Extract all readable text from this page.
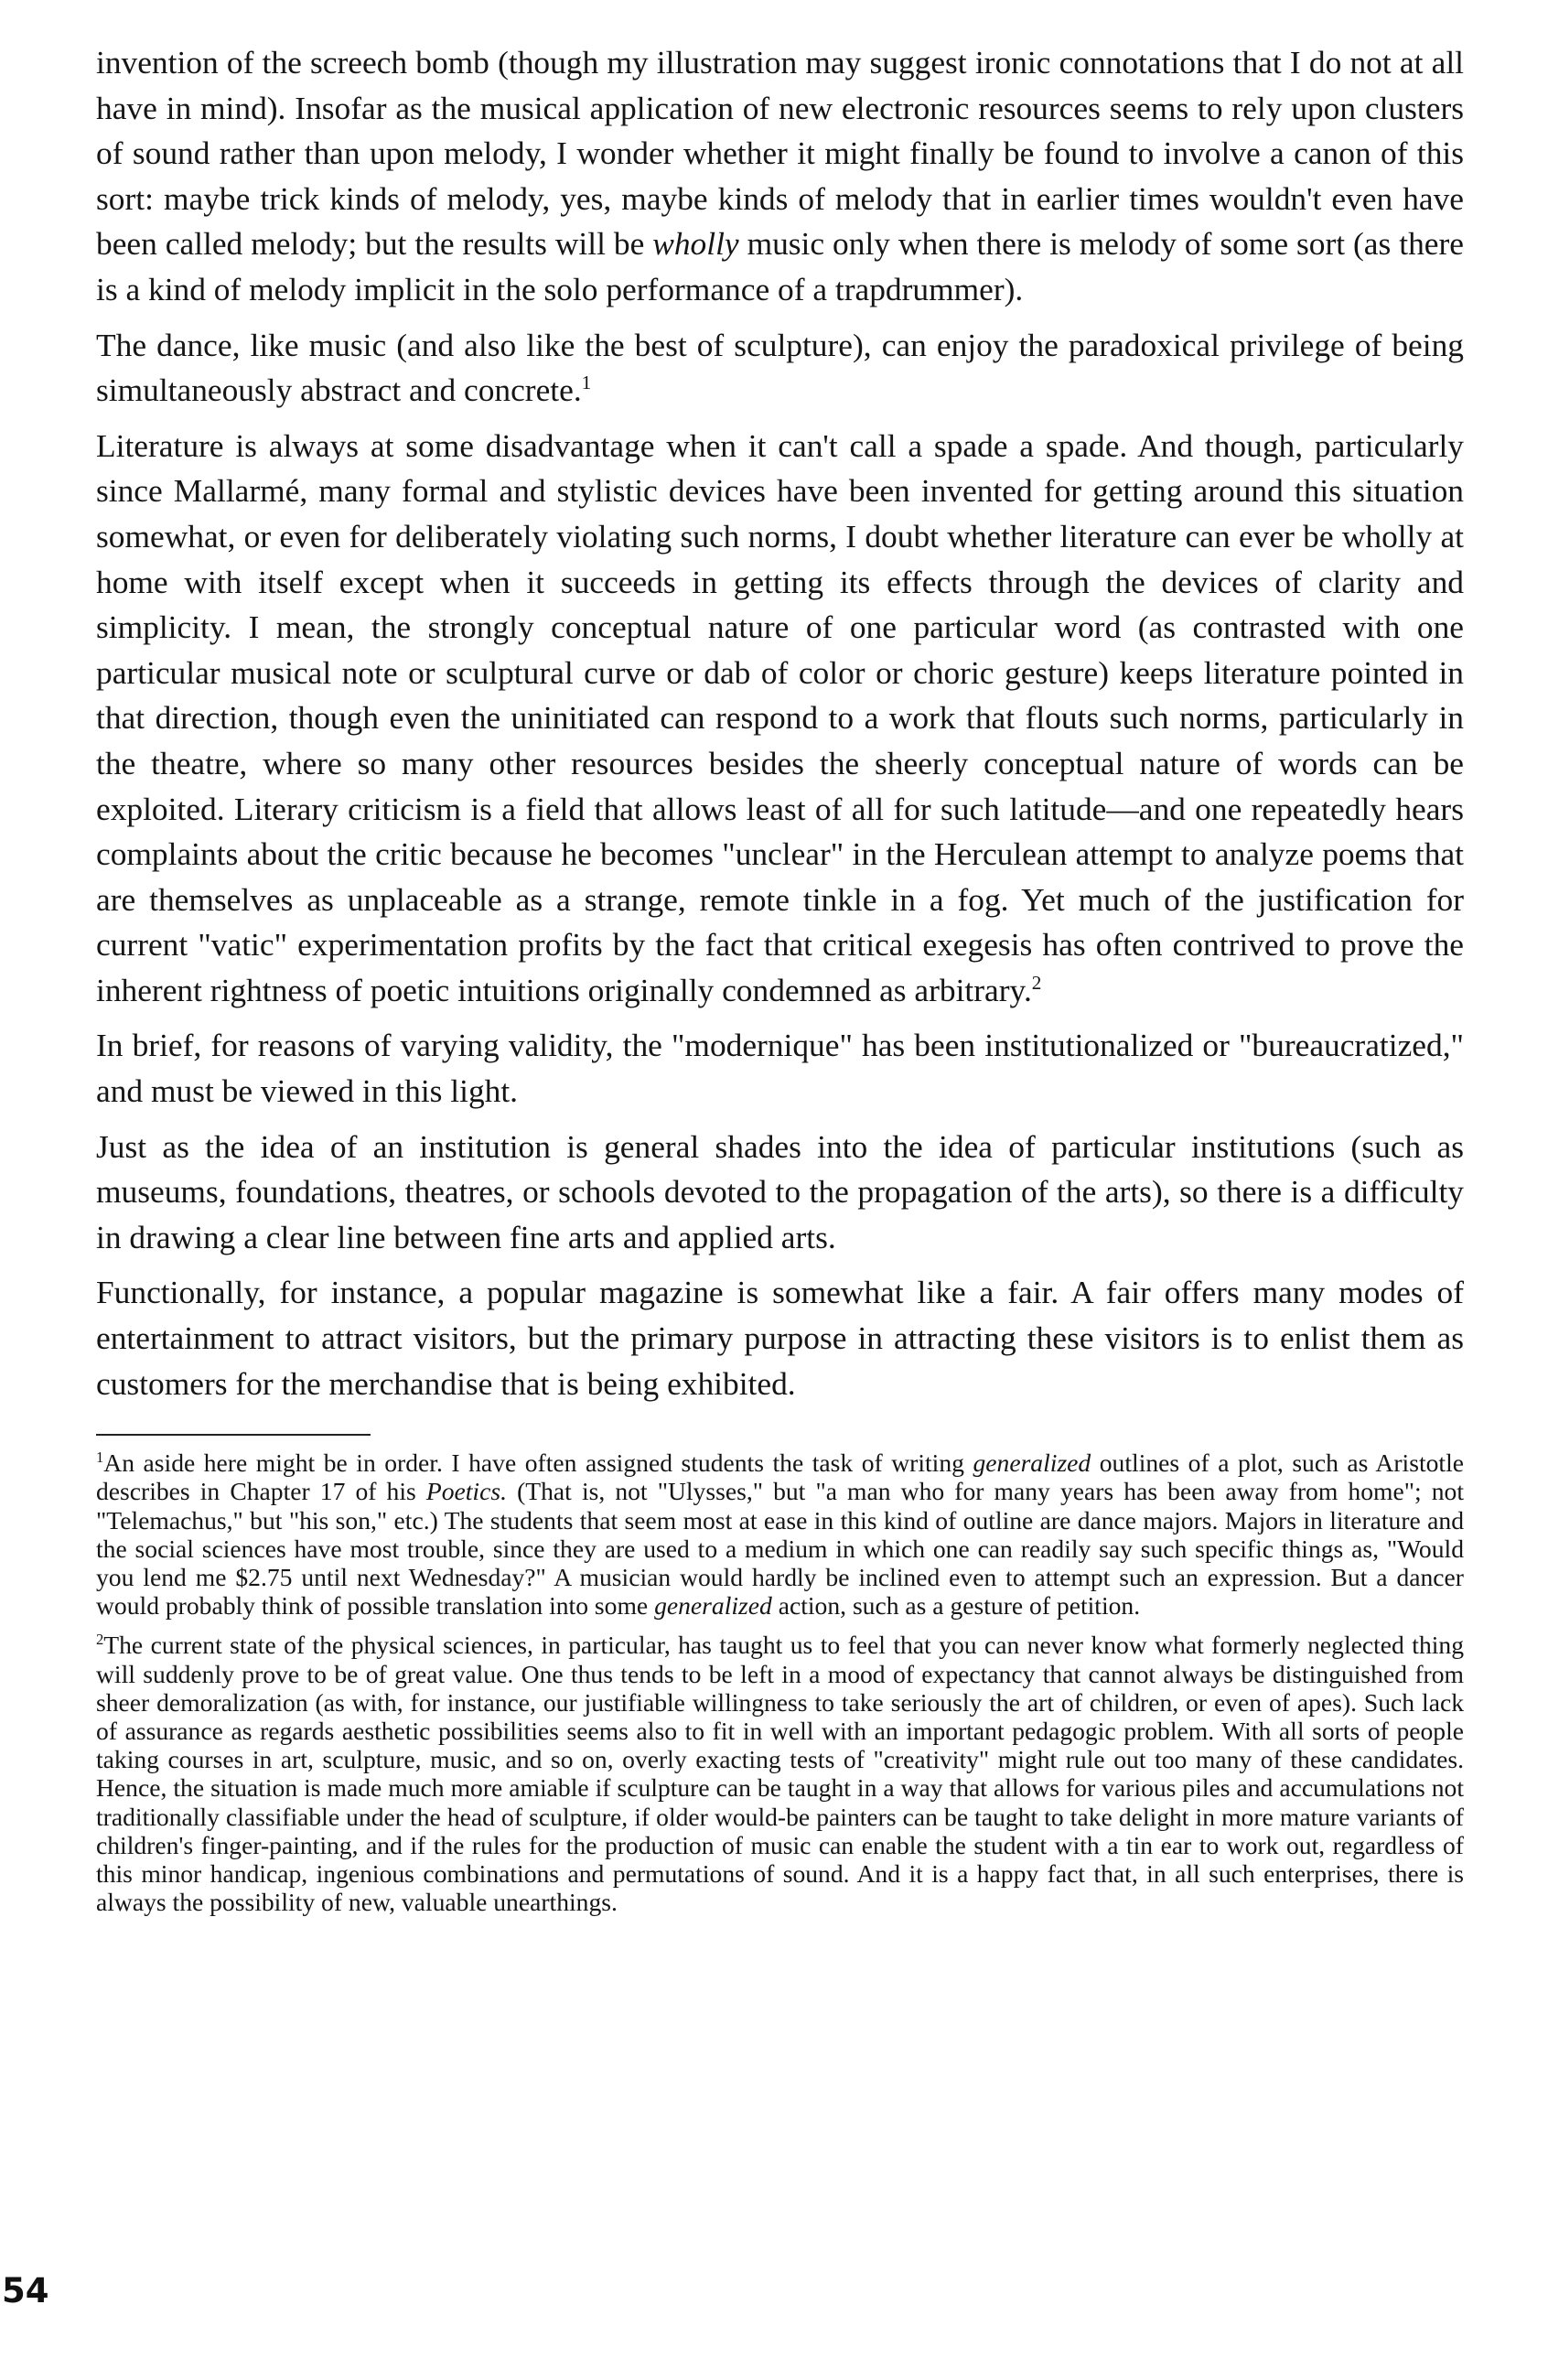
invention of the screech bomb (though my illustration may suggest ironic connotations that I do not at all have in mind). Insofar as the musical application of new electronic resources seems to rely upon clusters of sound rather than upon melody, I wonder whether it might finally be found to involve a canon of this sort: maybe trick kinds of melody, yes, maybe kinds of melody that in earlier times wouldn't even have been called melody; but the results will be wholly music only when there is melody of some sort (as there is a kind of melody implicit in the solo performance of a trapdrummer).

The dance, like music (and also like the best of sculpture), can enjoy the paradoxical privilege of being simultaneously abstract and concrete.$^1$

Literature is always at some disadvantage when it can't call a spade a spade. And though, particularly since Mallarmé, many formal and stylistic devices have been invented for getting around this situation somewhat, or even for deliberately violating such norms, I doubt whether literature can ever be wholly at home with itself except when it succeeds in getting its effects through the devices of clarity and simplicity. I mean, the strongly conceptual nature of one particular word (as contrasted with one particular musical note or sculptural curve or dab of color or choric gesture) keeps literature pointed in that direction, though even the uninitiated can respond to a work that flouts such norms, particularly in the theatre, where so many other resources besides the sheerly conceptual nature of words can be exploited. Literary criticism is a field that allows least of all for such latitude—and one repeatedly hears complaints about the critic because he becomes "unclear" in the Herculean attempt to analyze poems that are themselves as unplaceable as a strange, remote tinkle in a fog. Yet much of the justification for current "vatic" experimentation profits by the fact that critical exegesis has often contrived to prove the inherent rightness of poetic intuitions originally condemned as arbitrary.$^2$

In brief, for reasons of varying validity, the "modernique" has been institutionalized or "bureaucratized," and must be viewed in this light.

Just as the idea of an institution is general shades into the idea of particular institutions (such as museums, foundations, theatres, or schools devoted to the propagation of the arts), so there is a difficulty in drawing a clear line between fine arts and applied arts.

Functionally, for instance, a popular magazine is somewhat like a fair. A fair offers many modes of entertainment to attract visitors, but the primary purpose in attracting these visitors is to enlist them as customers for the merchandise that is being exhibited.

$^1$An aside here might be in order. I have often assigned students the task of writing generalized outlines of a plot, such as Aristotle describes in Chapter 17 of his Poetics. (That is, not "Ulysses," but "a man who for many years has been away from home"; not "Telemachus," but "his son," etc.) The students that seem most at ease in this kind of outline are dance majors. Majors in literature and the social sciences have most trouble, since they are used to a medium in which one can readily say such specific things as, "Would you lend me $2.75 until next Wednesday?" A musician would hardly be inclined even to attempt such an expression. But a dancer would probably think of possible translation into some generalized action, such as a gesture of petition.

$^2$The current state of the physical sciences, in particular, has taught us to feel that you can never know what formerly neglected thing will suddenly prove to be of great value. One thus tends to be left in a mood of expectancy that cannot always be distinguished from sheer demoralization (as with, for instance, our justifiable willingness to take seriously the art of children, or even of apes). Such lack of assurance as regards aesthetic possibilities seems also to fit in well with an important pedagogic problem. With all sorts of people taking courses in art, sculpture, music, and so on, overly exacting tests of "creativity" might rule out too many of these candidates. Hence, the situation is made much more amiable if sculpture can be taught in a way that allows for various piles and accumulations not traditionally classifiable under the head of sculpture, if older would-be painters can be taught to take delight in more mature variants of children's finger-painting, and if the rules for the production of music can enable the student with a tin ear to work out, regardless of this minor handicap, ingenious combinations and permutations of sound. And it is a happy fact that, in all such enterprises, there is always the possibility of new, valuable unearthings.

54
